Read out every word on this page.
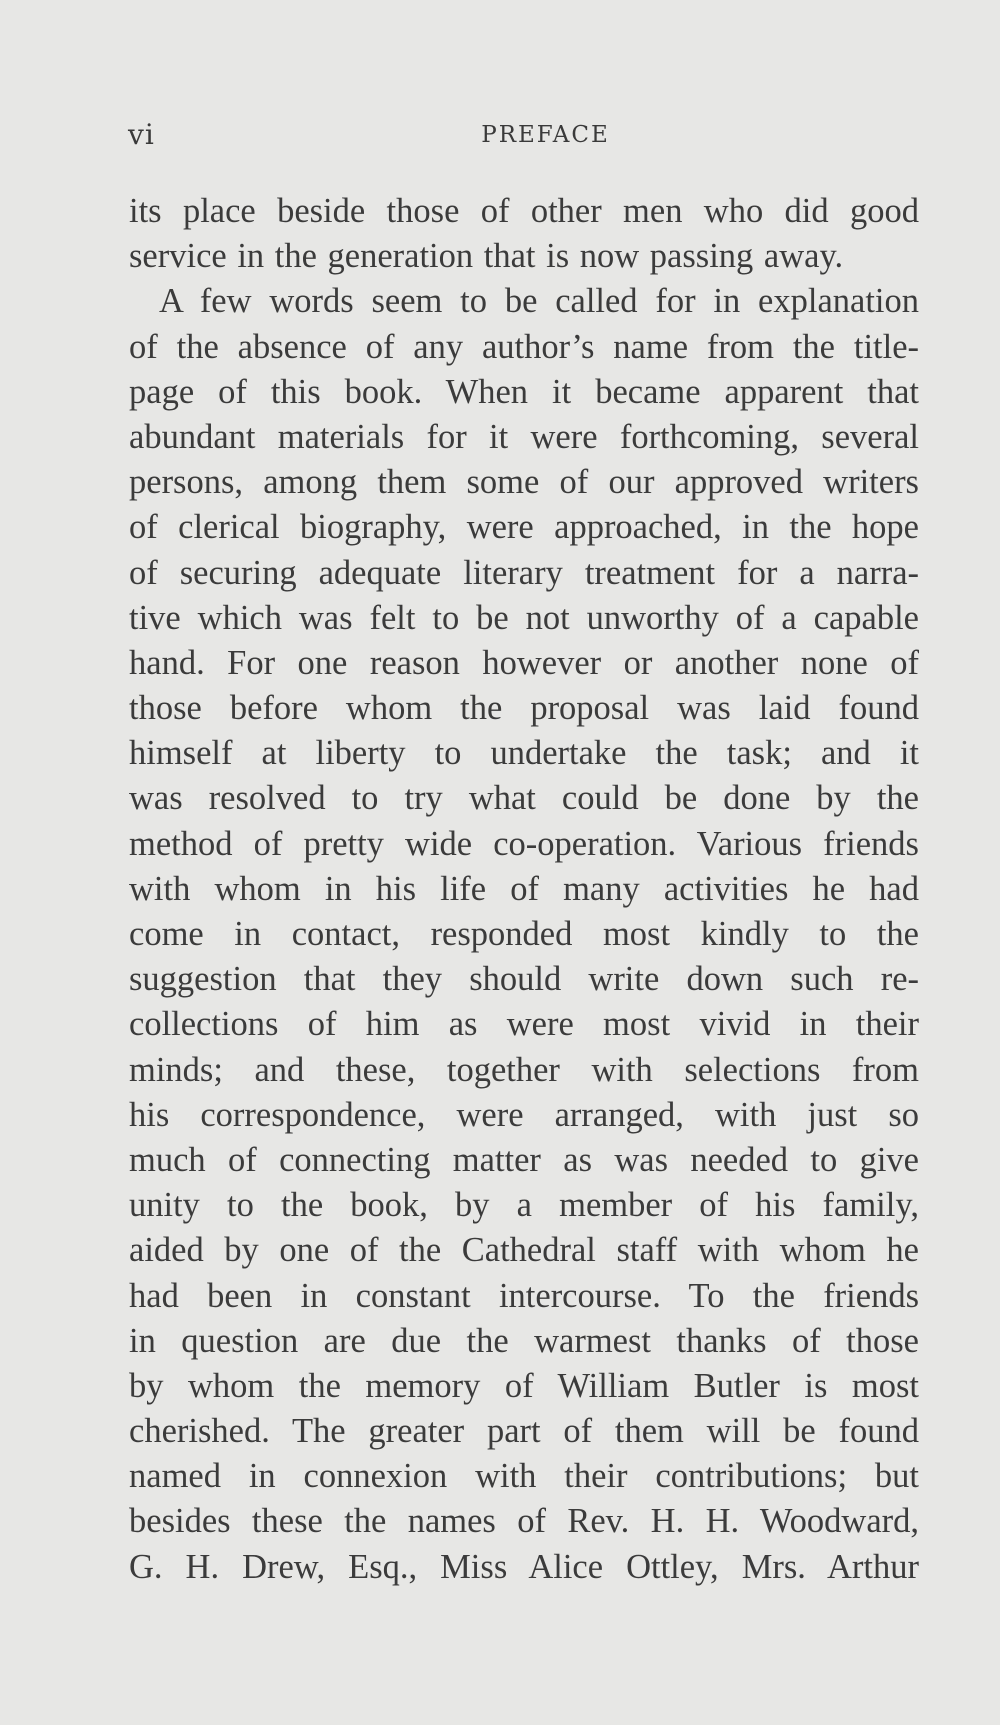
vi	PREFACE
its place beside those of other men who did good
service in the generation that is now passing away.
A few words seem to be called for in explanation
of the absence of any author’s name from the title-
page of this book. When it became apparent that
abundant materials for it were forthcoming, several
persons, among them some of our approved writers
of clerical biography, were approached, in the hope
of securing adequate literary treatment for a narra-
tive which was felt to be not unworthy of a capable
hand. For one reason however or another none of
those before whom the proposal was laid found
himself at liberty to undertake the task; and it
was resolved to try what could be done by the
method of pretty wide co-operation. Various friends
with whom in his life of many activities he had
come in contact, responded most kindly to the
suggestion that they should write down such re-
collections of him as were most vivid in their
minds; and these, together with selections from
his correspondence, were arranged, with just so
much of connecting matter as was needed to give
unity to the book, by a member of his family,
aided by one of the Cathedral staff with whom he
had been in constant intercourse. To the friends
in question are due the warmest thanks of those
by whom the memory of William Butler is most
cherished. The greater part of them will be found
named in connexion with their contributions; but
besides these the names of Rev. H. H. Woodward,
G. H. Drew, Esq., Miss Alice Ottley, Mrs. Arthur
